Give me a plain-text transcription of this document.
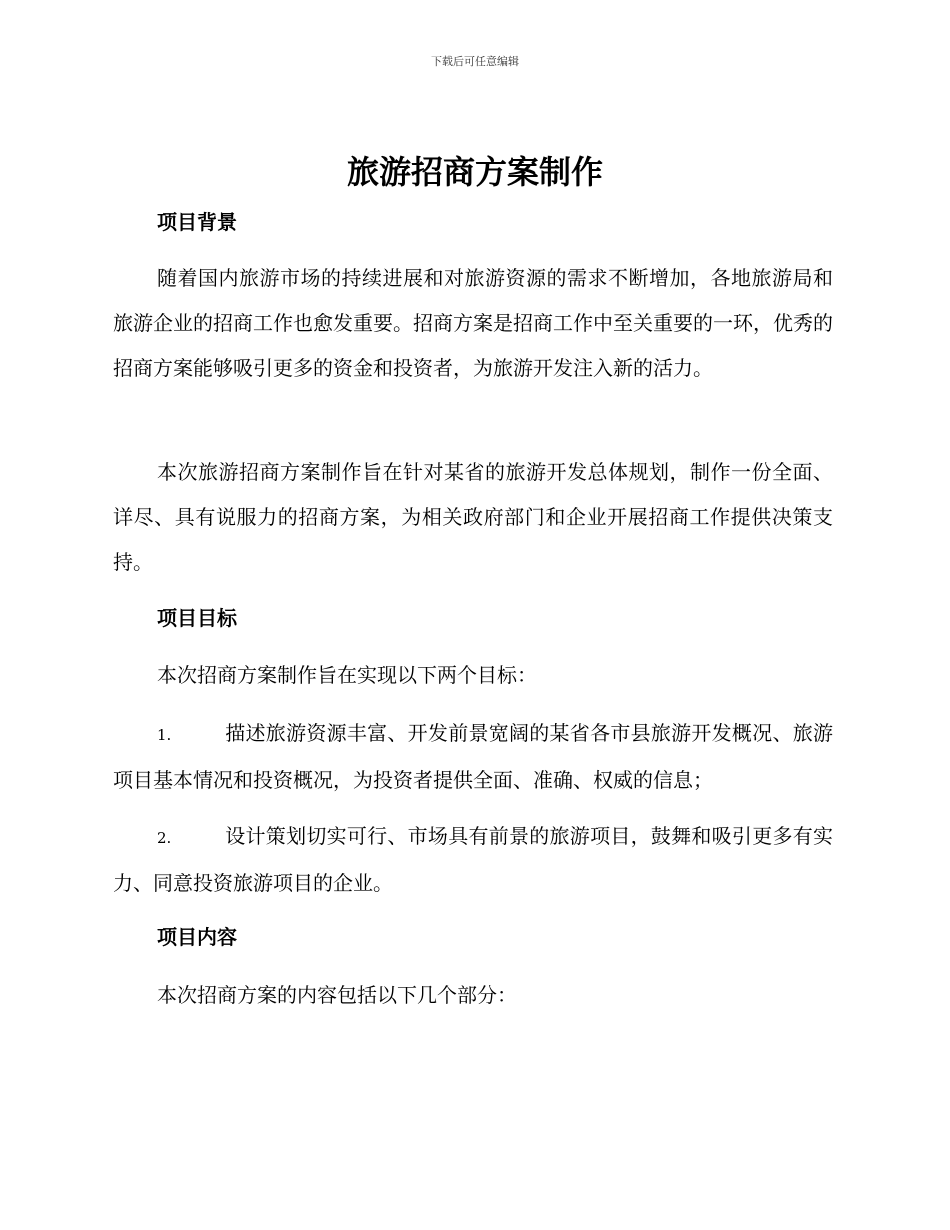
下载后可任意编辑
旅游招商方案制作
项目背景

随着国内旅游市场的持续进展和对旅游资源的需求不断增加，各地旅游局和旅游企业的招商工作也愈发重要。招商方案是招商工作中至关重要的一环，优秀的招商方案能够吸引更多的资金和投资者，为旅游开发注入新的活力。

本次旅游招商方案制作旨在针对某省的旅游开发总体规划，制作一份全面、详尽、具有说服力的招商方案，为相关政府部门和企业开展招商工作提供决策支持。

项目目标

本次招商方案制作旨在实现以下两个目标：

1.	描述旅游资源丰富、开发前景宽阔的某省各市县旅游开发概况、旅游项目基本情况和投资概况，为投资者提供全面、准确、权威的信息；

2.	设计策划切实可行、市场具有前景的旅游项目，鼓舞和吸引更多有实力、同意投资旅游项目的企业。

项目内容

本次招商方案的内容包括以下几个部分：
